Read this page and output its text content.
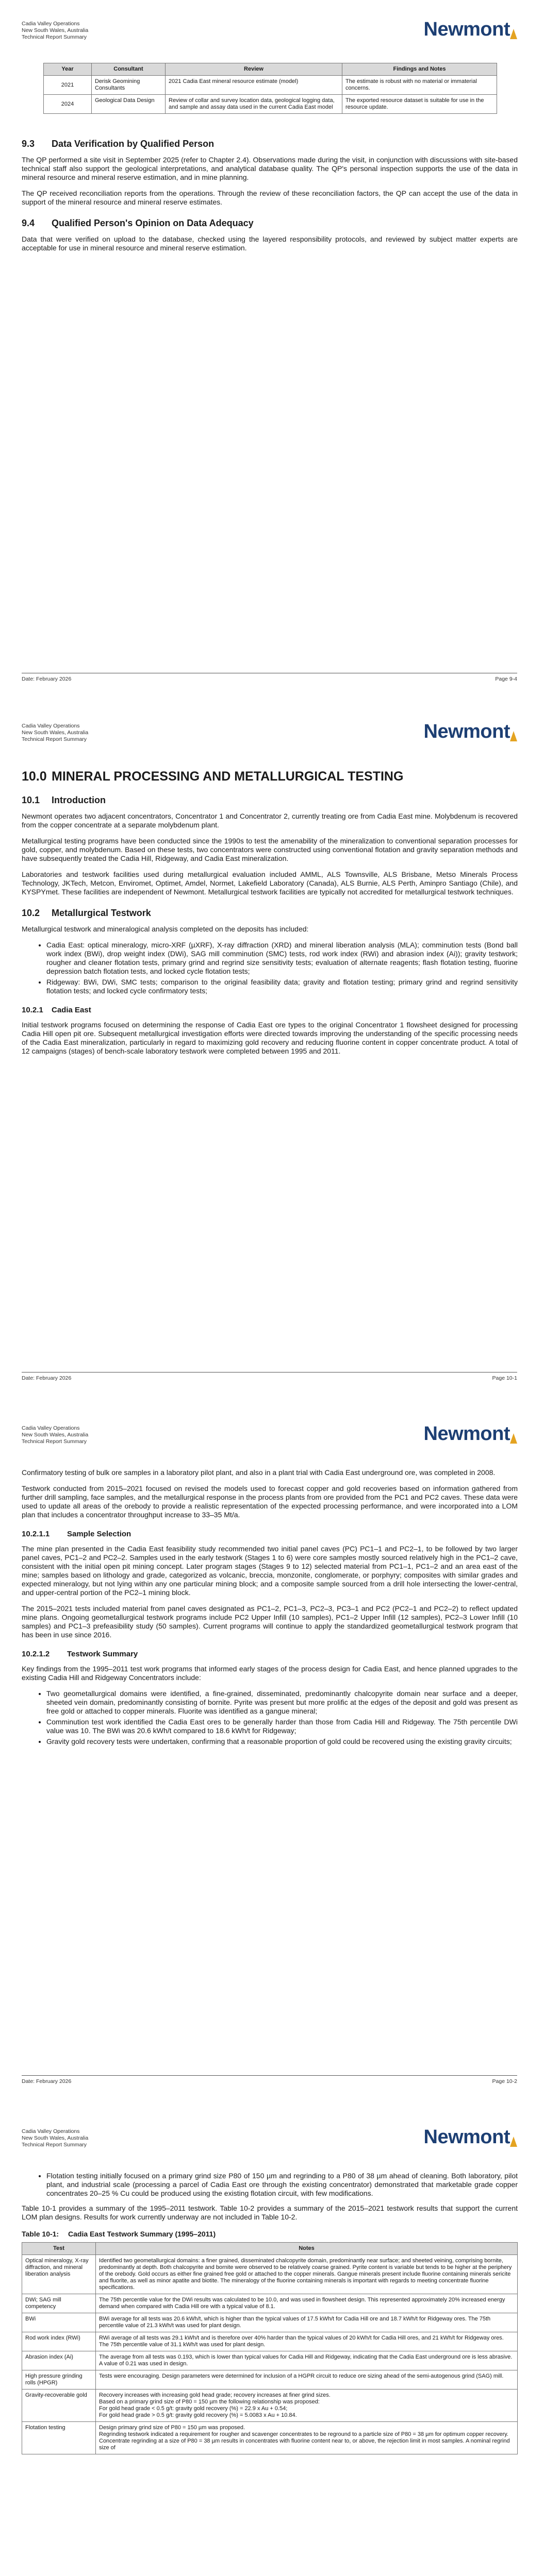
Cadia Valley Operations
New South Wales, Australia
Technical Report Summary	Newmont
Year	Consultant	Review	Findings and Notes
2021	Derisk Geomining Consultants	2021 Cadia East mineral resource estimate (model)	The estimate is robust with no material or immaterial concerns.
2024	Geological Data Design	Review of collar and survey location data, geological logging data, and sample and assay data used in the current Cadia East model	The exported resource dataset is suitable for use in the resource update.
9.3 Data Verification by Qualified Person

The QP performed a site visit in September 2025 (refer to Chapter 2.4). Observations made during the visit, in conjunction with discussions with site-based technical staff also support the geological interpretations, and analytical database quality. The QP's personal inspection supports the use of the data in mineral resource and mineral reserve estimation, and in mine planning.

The QP received reconciliation reports from the operations. Through the review of these reconciliation factors, the QP can accept the use of the data in support of the mineral resource and mineral reserve estimates.

9.4 Qualified Person's Opinion on Data Adequacy

Data that were verified on upload to the database, checked using the layered responsibility protocols, and reviewed by subject matter experts are acceptable for use in mineral resource and mineral reserve estimation.

Date: February 2026	Page 9-4
Cadia Valley Operations
New South Wales, Australia
Technical Report Summary	Newmont
10.0 MINERAL PROCESSING AND METALLURGICAL TESTING
10.1 Introduction

Newmont operates two adjacent concentrators, Concentrator 1 and Concentrator 2, currently treating ore from Cadia East mine. Molybdenum is recovered from the copper concentrate at a separate molybdenum plant.

Metallurgical testing programs have been conducted since the 1990s to test the amenability of the mineralization to conventional separation processes for gold, copper, and molybdenum. Based on these tests, two concentrators were constructed using conventional flotation and gravity separation methods and have subsequently treated the Cadia Hill, Ridgeway, and Cadia East mineralization.

Laboratories and testwork facilities used during metallurgical evaluation included AMML, ALS Townsville, ALS Brisbane, Metso Minerals Process Technology, JKTech, Metcon, Enviromet, Optimet, Amdel, Normet, Lakefield Laboratory (Canada), ALS Burnie, ALS Perth, Aminpro Santiago (Chile), and KYSPYmet. These facilities are independent of Newmont. Metallurgical testwork facilities are typically not accredited for metallurgical testwork techniques.

10.2 Metallurgical Testwork

Metallurgical testwork and mineralogical analysis completed on the deposits has included:

• Cadia East: optical mineralogy, micro-XRF (µXRF), X-ray diffraction (XRD) and mineral liberation analysis (MLA); comminution tests (Bond ball work index (BWi), drop weight index (DWi), SAG mill comminution (SMC) tests, rod work index (RWi) and abrasion index (Ai)); gravity testwork; rougher and cleaner flotation tests, primary grind and regrind size sensitivity tests; evaluation of alternate reagents; flash flotation testing, fluorine depression batch flotation tests, and locked cycle flotation tests;
• Ridgeway: BWi, DWi, SMC tests; comparison to the original feasibility data; gravity and flotation testing; primary grind and regrind sensitivity flotation tests; and locked cycle confirmatory tests;
10.2.1 Cadia East

Initial testwork programs focused on determining the response of Cadia East ore types to the original Concentrator 1 flowsheet designed for processing Cadia Hill open pit ore. Subsequent metallurgical investigation efforts were directed towards improving the understanding of the specific processing needs of the Cadia East mineralization, particularly in regard to maximizing gold recovery and reducing fluorine content in copper concentrate product. A total of 12 campaigns (stages) of bench-scale laboratory testwork were completed between 1995 and 2011.

Date: February 2026	Page 10-1
Cadia Valley Operations
New South Wales, Australia
Technical Report Summary	Newmont

Confirmatory testing of bulk ore samples in a laboratory pilot plant, and also in a plant trial with Cadia East underground ore, was completed in 2008.

Testwork conducted from 2015–2021 focused on revised the models used to forecast copper and gold recoveries based on information gathered from further drill sampling, face samples, and the metallurgical response in the process plants from ore provided from the PC1 and PC2 caves. These data were used to update all areas of the orebody to provide a realistic representation of the expected processing performance, and were incorporated into a LOM plan that includes a concentrator throughput increase to 33–35 Mt/a.

10.2.1.1 Sample Selection

The mine plan presented in the Cadia East feasibility study recommended two initial panel caves (PC) PC1–1 and PC2–1, to be followed by two larger panel caves, PC1–2 and PC2–2. Samples used in the early testwork (Stages 1 to 6) were core samples mostly sourced relatively high in the PC1–2 cave, consistent with the initial open pit mining concept. Later program stages (Stages 9 to 12) selected material from PC1–1, PC1–2 and an area east of the mine; samples based on lithology and grade, categorized as volcanic, breccia, monzonite, conglomerate, or porphyry; composites with similar grades and expected mineralogy, but not lying within any one particular mining block; and a composite sample sourced from a drill hole intersecting the lower-central, and upper-central portion of the PC2–1 mining block.

The 2015–2021 tests included material from panel caves designated as PC1–2, PC1–3, PC2–3, PC3–1 and PC2 (PC2–1 and PC2–2) to reflect updated mine plans. Ongoing geometallurgical testwork programs include PC2 Upper Infill (10 samples), PC1–2 Upper Infill (12 samples), PC2–3 Lower Infill (10 samples) and PC1–3 prefeasibility study (50 samples). Current programs will continue to apply the standardized geometallurgical testwork program that has been in use since 2016.

10.2.1.2 Testwork Summary

Key findings from the 1995–2011 test work programs that informed early stages of the process design for Cadia East, and hence planned upgrades to the existing Cadia Hill and Ridgeway Concentrators include:

• Two geometallurgical domains were identified, a fine-grained, disseminated, predominantly chalcopyrite domain near surface and a deeper, sheeted vein domain, predominantly consisting of bornite. Pyrite was present but more prolific at the edges of the deposit and gold was present as free gold or attached to copper minerals. Fluorite was identified as a gangue mineral;
• Comminution test work identified the Cadia East ores to be generally harder than those from Cadia Hill and Ridgeway. The 75th percentile DWi value was 10. The BWi was 20.6 kWh/t compared to 18.6 kWh/t for Ridgeway;
• Gravity gold recovery tests were undertaken, confirming that a reasonable proportion of gold could be recovered using the existing gravity circuits;
Date: February 2026	Page 10-2
Cadia Valley Operations
New South Wales, Australia
Technical Report Summary	Newmont
• Flotation testing initially focused on a primary grind size P80 of 150 µm and regrinding to a P80 of 38 µm ahead of cleaning. Both laboratory, pilot plant, and industrial scale (processing a parcel of Cadia East ore through the existing concentrator) demonstrated that marketable grade copper concentrates 20–25 % Cu could be produced using the existing flotation circuit, with few modifications.

Table 10-1 provides a summary of the 1995–2011 testwork. Table 10-2 provides a summary of the 2015–2021 testwork results that support the current LOM plan designs. Results for work currently underway are not included in Table 10-2.

Table 10-1: Cadia East Testwork Summary (1995–2011)
Test	Notes
Optical mineralogy, X-ray diffraction, and mineral liberation analysis	Identified two geometallurgical domains: a finer grained, disseminated chalcopyrite domain, predominantly near surface; and sheeted veining, comprising bornite, predominantly at depth. Both chalcopyrite and bornite were observed to be relatively coarse grained. Pyrite content is variable but tends to be higher at the periphery of the orebody. Gold occurs as either fine grained free gold or attached to the copper minerals. Gangue minerals present include fluorine containing minerals sericite and fluorite, as well as minor apatite and biotite. The mineralogy of the fluorine containing minerals is important with regards to meeting concentrate fluorine specifications.
DWi; SAG mill competency	The 75th percentile value for the DWi results was calculated to be 10.0, and was used in flowsheet design. This represented approximately 20% increased energy demand when compared with Cadia Hill ore with a typical value of 8.1.
BWi	BWi average for all tests was 20.6 kWh/t, which is higher than the typical values of 17.5 kWh/t for Cadia Hill ore and 18.7 kWh/t for Ridgeway ores. The 75th percentile value of 21.3 kWh/t was used for plant design.
Rod work index (RWi)	RWi average of all tests was 29.1 kWh/t and is therefore over 40% harder than the typical values of 20 kWh/t for Cadia Hill ores, and 21 kWh/t for Ridgeway ores. The 75th percentile value of 31.1 kWh/t was used for plant design.
Abrasion index (Ai)	The average from all tests was 0.193, which is lower than typical values for Cadia Hill and Ridgeway, indicating that the Cadia East underground ore is less abrasive. A value of 0.21 was used in design.
High pressure grinding rolls (HPGR)	Tests were encouraging. Design parameters were determined for inclusion of a HGPR circuit to reduce ore sizing ahead of the semi-autogenous grind (SAG) mill.
Gravity-recoverable gold	Recovery increases with increasing gold head grade; recovery increases at finer grind sizes.
Based on a primary grind size of P80 = 150 µm the following relationship was proposed:
For gold head grade < 0.5 g/t: gravity gold recovery (%) = 22.9 x Au + 0.54;
For gold head grade > 0.5 g/t: gravity gold recovery (%) = 5.0083 x Au + 10.84.
Flotation testing	Design primary grind size of P80 = 150 µm was proposed.
Regrinding testwork indicated a requirement for rougher and scavenger concentrates to be reground to a particle size of P80 = 38 µm for optimum copper recovery.
Concentrate regrinding at a size of P80 = 38 µm results in concentrates with fluorine content near to, or above, the rejection limit in most samples. A nominal regrind size of
